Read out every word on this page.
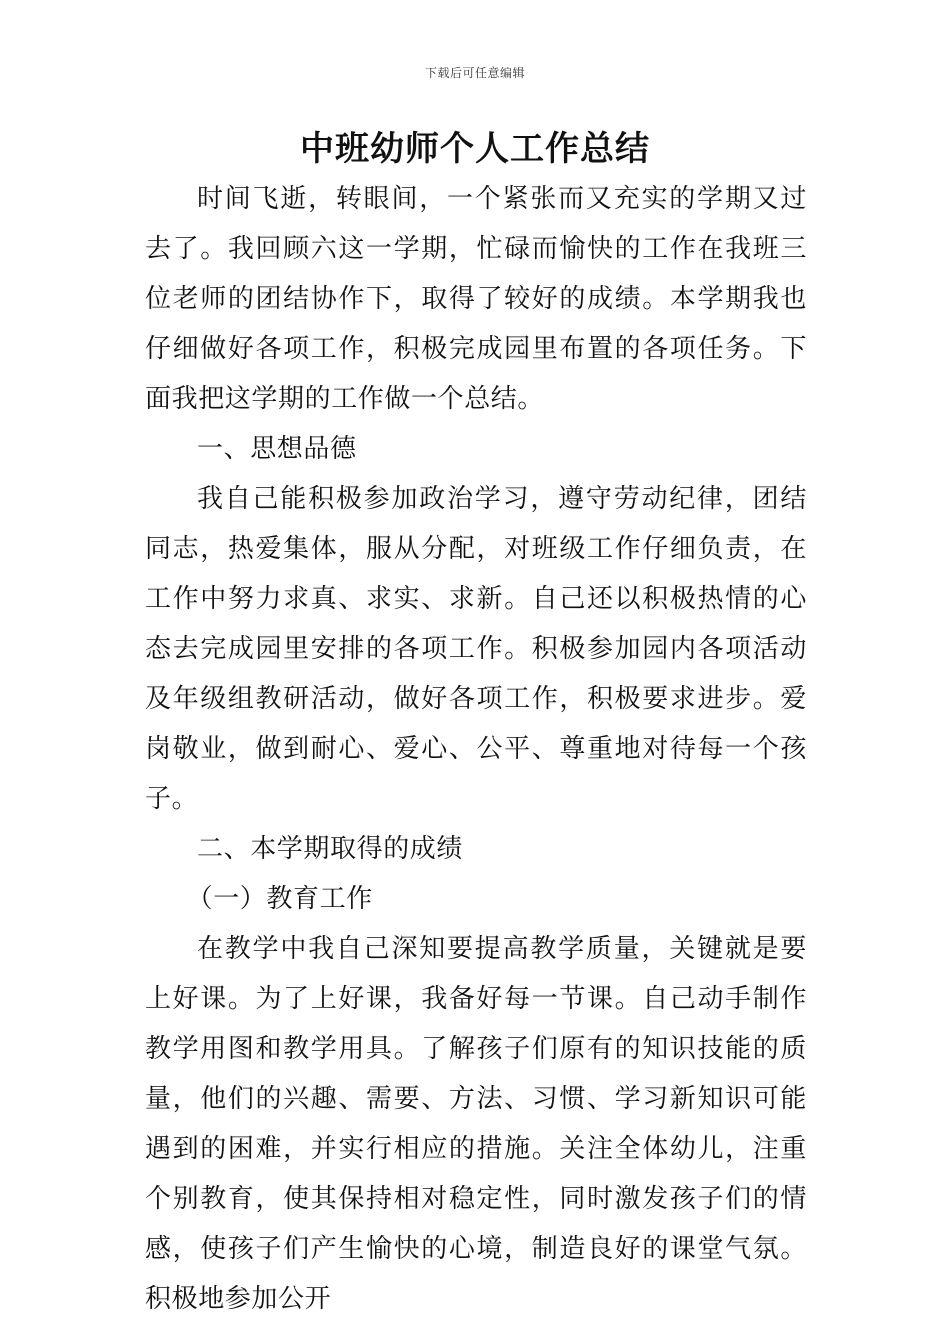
下载后可任意编辑
中班幼师个人工作总结

时间飞逝，转眼间，一个紧张而又充实的学期又过去了。我回顾六这一学期，忙碌而愉快的工作在我班三位老师的团结协作下，取得了较好的成绩。本学期我也仔细做好各项工作，积极完成园里布置的各项任务。下面我把这学期的工作做一个总结。

一、思想品德

我自己能积极参加政治学习，遵守劳动纪律，团结同志，热爱集体，服从分配，对班级工作仔细负责，在工作中努力求真、求实、求新。自己还以积极热情的心态去完成园里安排的各项工作。积极参加园内各项活动及年级组教研活动，做好各项工作，积极要求进步。爱岗敬业，做到耐心、爱心、公平、尊重地对待每一个孩子。

二、本学期取得的成绩

（一）教育工作

在教学中我自己深知要提高教学质量，关键就是要上好课。为了上好课，我备好每一节课。自己动手制作教学用图和教学用具。了解孩子们原有的知识技能的质量，他们的兴趣、需要、方法、习惯、学习新知识可能遇到的困难，并实行相应的措施。关注全体幼儿，注重个别教育，使其保持相对稳定性，同时激发孩子们的情感，使孩子们产生愉快的心境，制造良好的课堂气氛。积极地参加公开
